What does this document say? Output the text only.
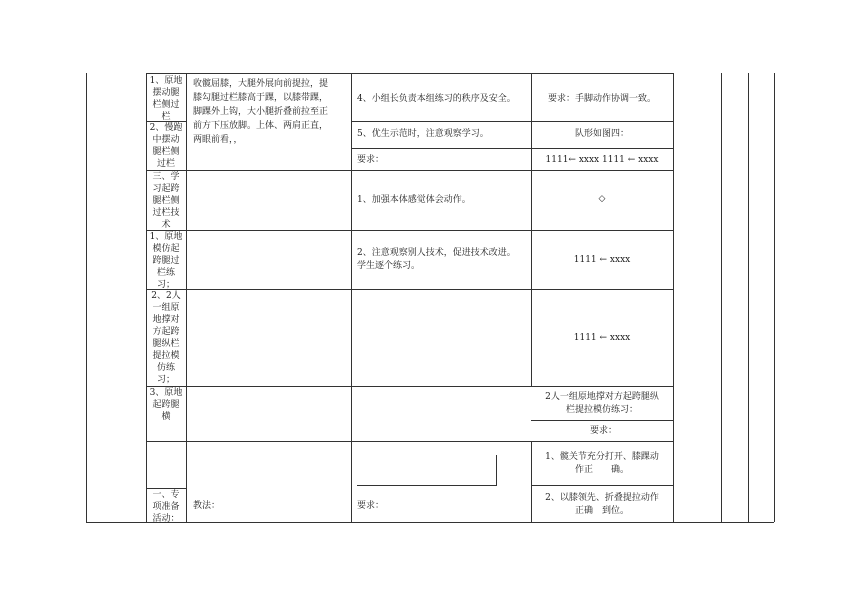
1、原地
摆动腿
栏侧过
栏
2、慢跑
中摆动
腿栏侧
过栏
三、学
习起跨
腿栏侧
过栏技
术
1、原地
模仿起
跨腿过
栏练
习；
2、2人
一组原
地撑对
方起跨
腿纵栏
提拉模
仿练
习；
3、原地
起跨腿
横
一、专
项准备
活动：
收髋屈膝，大腿外展向前提拉，提
膝勾腿过栏膝高于踝，以膝带踝，
脚踝外上钩，大小腿折叠前拉至正
前方下压放脚。上体、两肩正直，
两眼前看，，
教法：
4、小组长负责本组练习的秩序及安全。
5、优生示范时，注意观察学习。
要求：
1、加强本体感觉体会动作。
2、注意观察别人技术，促进技术改进。
学生逐个练习。
要求：
要求：手脚动作协调一致。
队形如图四：
1111← xxxx 1111 ← xxxx
◇
1111 ← xxxx
1111 ← xxxx
2人一组原地撑对方起跨腿纵
栏提拉模仿练习：
要求：
1、髋关节充分打开、膝踝动
作正　　确。
2、以膝领先、折叠提拉动作
正确　到位。
